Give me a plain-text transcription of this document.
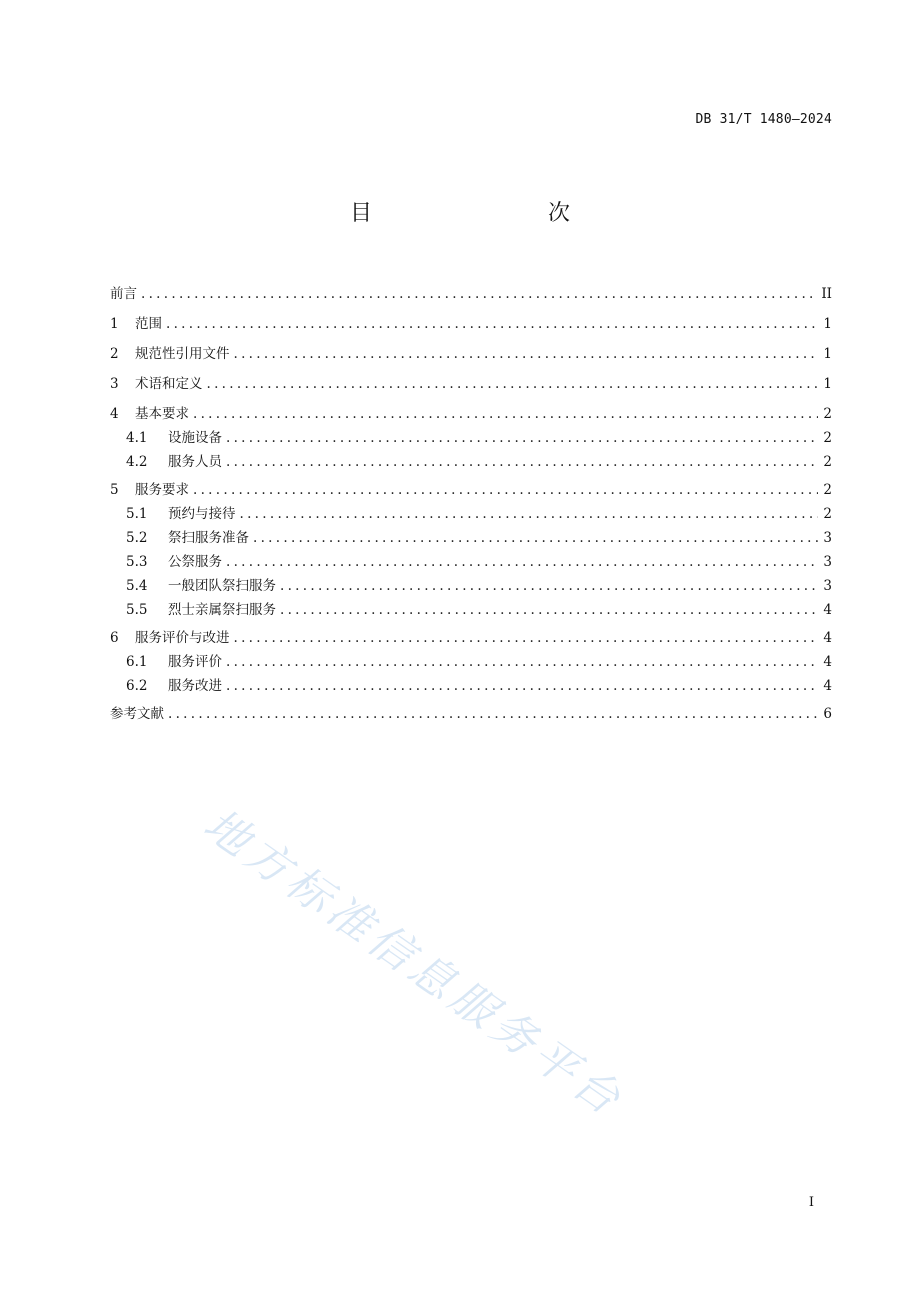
DB 31/T 1480—2024
目　　次
前言 .....	II
1	范围 .....	1
2	规范性引用文件 .....	1
3	术语和定义 .....	1
4	基本要求 .....	2
4.1	设施设备 .....	2
4.2	服务人员 .....	2
5	服务要求 .....	2
5.1	预约与接待 .....	2
5.2	祭扫服务准备 .....	3
5.3	公祭服务 .....	3
5.4	一般团队祭扫服务 .....	3
5.5	烈士亲属祭扫服务 .....	4
6	服务评价与改进 .....	4
6.1	服务评价 .....	4
6.2	服务改进 .....	4
参考文献 .....	6
地方标准信息服务平台
I
